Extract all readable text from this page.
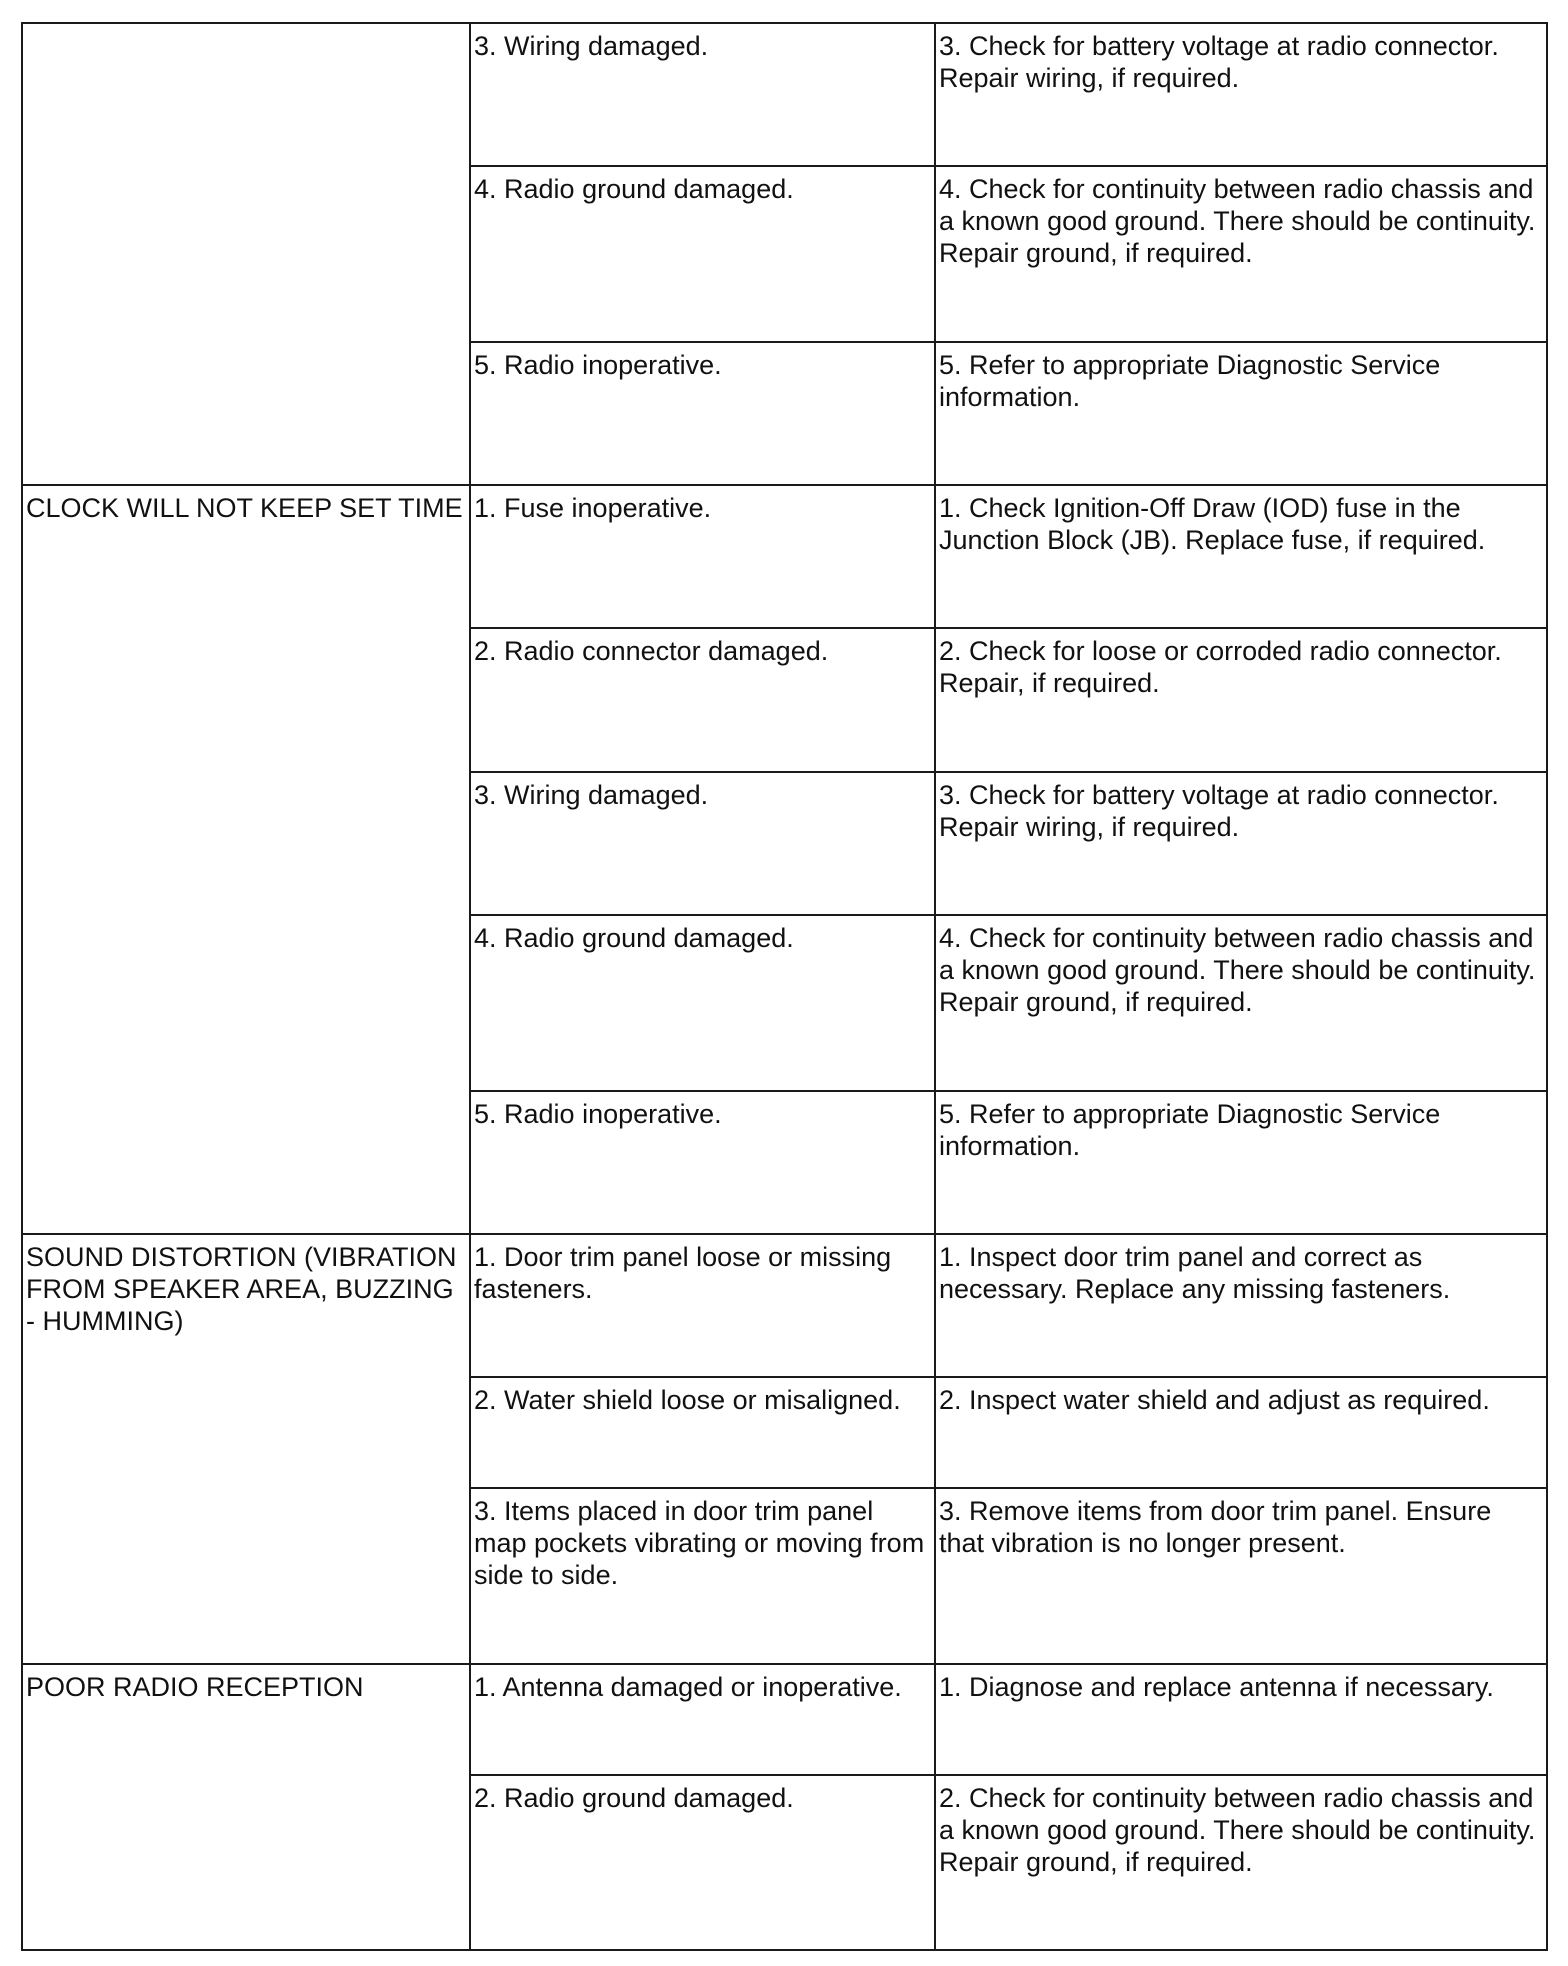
	3. Wiring damaged.	3. Check for battery voltage at radio connector. Repair wiring, if required.
	4. Radio ground damaged.	4. Check for continuity between radio chassis and a known good ground. There should be continuity. Repair ground, if required.
	5. Radio inoperative.	5. Refer to appropriate Diagnostic Service information.
CLOCK WILL NOT KEEP SET TIME	1. Fuse inoperative.	1. Check Ignition-Off Draw (IOD) fuse in the Junction Block (JB). Replace fuse, if required.
	2. Radio connector damaged.	2. Check for loose or corroded radio connector. Repair, if required.
	3. Wiring damaged.	3. Check for battery voltage at radio connector. Repair wiring, if required.
	4. Radio ground damaged.	4. Check for continuity between radio chassis and a known good ground. There should be continuity. Repair ground, if required.
	5. Radio inoperative.	5. Refer to appropriate Diagnostic Service information.
SOUND DISTORTION (VIBRATION FROM SPEAKER AREA, BUZZING - HUMMING)	1. Door trim panel loose or missing fasteners.	1. Inspect door trim panel and correct as necessary. Replace any missing fasteners.
	2. Water shield loose or misaligned.	2. Inspect water shield and adjust as required.
	3. Items placed in door trim panel map pockets vibrating or moving from side to side.	3. Remove items from door trim panel. Ensure that vibration is no longer present.
POOR RADIO RECEPTION	1. Antenna damaged or inoperative.	1. Diagnose and replace antenna if necessary.
	2. Radio ground damaged.	2. Check for continuity between radio chassis and a known good ground. There should be continuity. Repair ground, if required.
